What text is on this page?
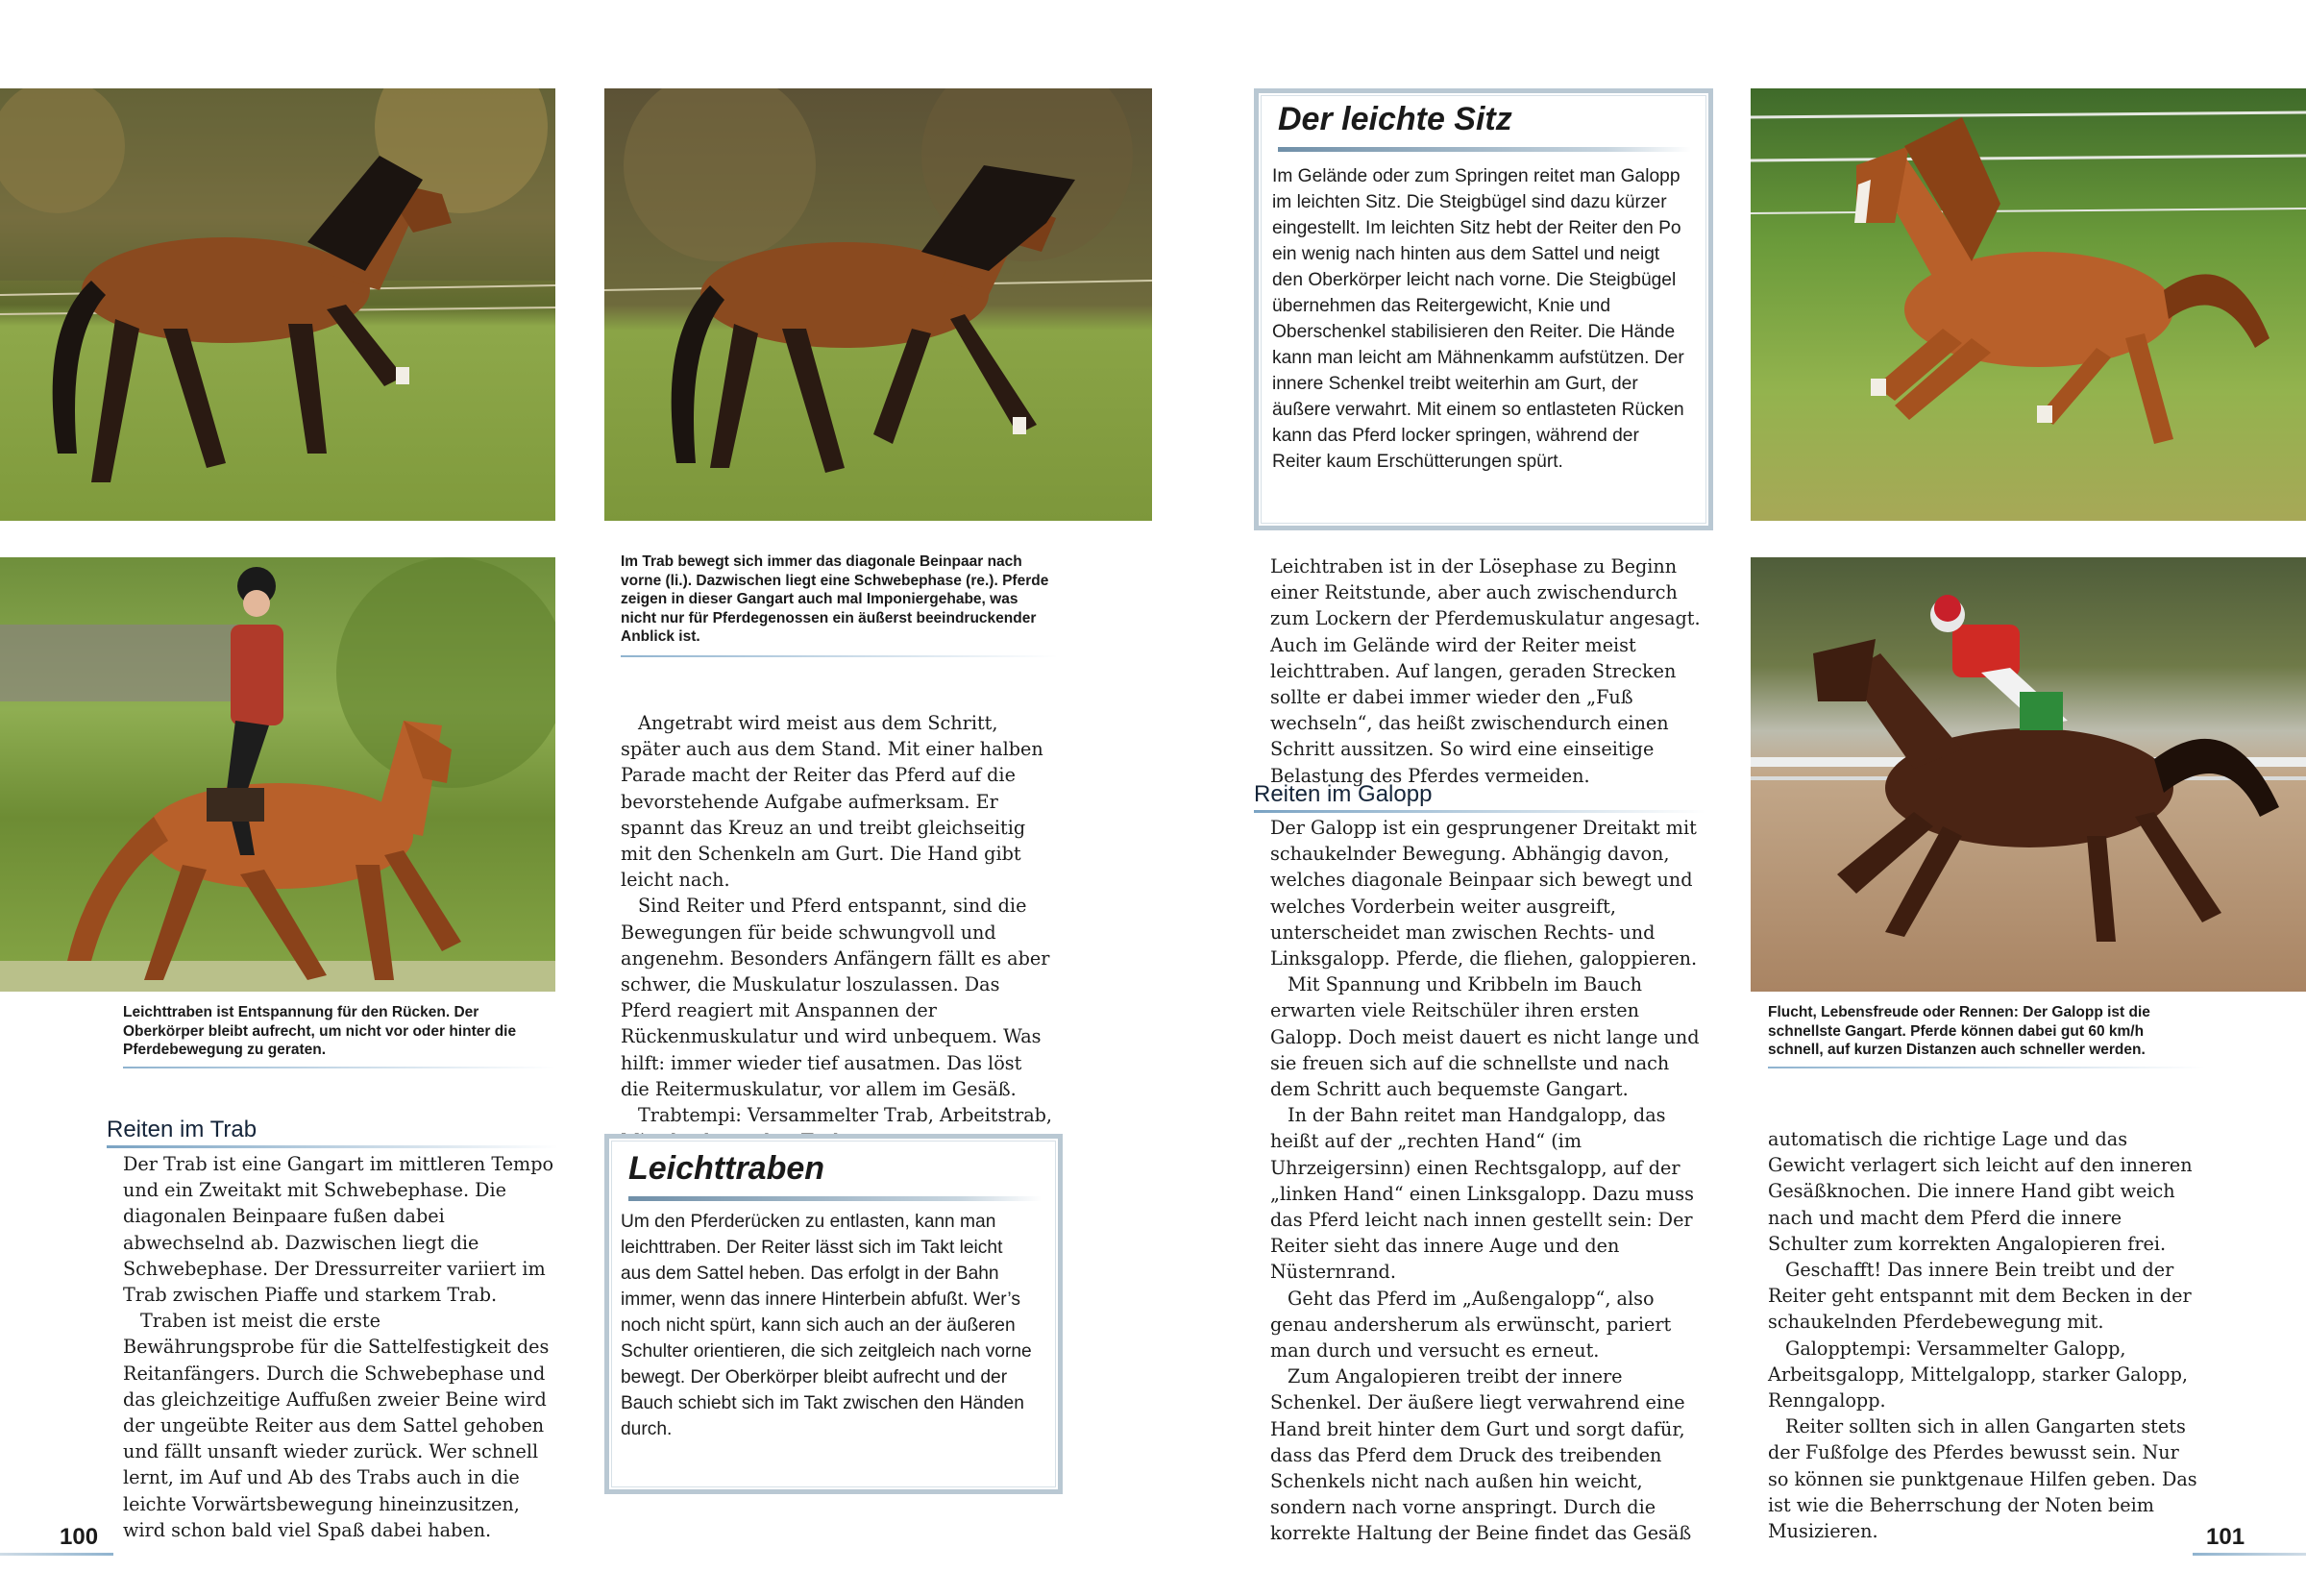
Im Trab bewegt sich immer das diagonale Beinpaar nach vorne (li.). Dazwischen liegt eine Schwebephase (re.). Pferde zeigen in dieser Gangart auch mal Imponiergehabe, was nicht nur für Pferdegenossen ein äußerst beeindruckender Anblick ist.
Leichttraben ist Entspannung für den Rücken. Der Oberkörper bleibt aufrecht, um nicht vor oder hinter die Pferdebewegung zu geraten.
Flucht, Lebensfreude oder Rennen: Der Galopp ist die schnellste Gangart. Pferde können dabei gut 60 km/h schnell, auf kurzen Distanzen auch schneller werden.
Reiten im Trab

Der Trab ist eine Gangart im mittleren Tempo und ein Zweitakt mit Schwebephase. Die diagonalen Beinpaare fußen dabei abwechselnd ab. Dazwischen liegt die Schwebephase. Der Dressurreiter variiert im Trab zwischen Piaffe und starkem Trab.

Traben ist meist die erste Bewährungsprobe für die Sattelfestigkeit des Reitanfängers. Durch die Schwebephase und das gleichzeitige Auffußen zweier Beine wird der ungeübte Reiter aus dem Sattel gehoben und fällt unsanft wieder zurück. Wer schnell lernt, im Auf und Ab des Trabs auch in die leichte Vorwärtsbewegung hineinzusitzen, wird schon bald viel Spaß dabei haben.

Angetrabt wird meist aus dem Schritt, später auch aus dem Stand. Mit einer halben Parade macht der Reiter das Pferd auf die bevorstehende Aufgabe aufmerksam. Er spannt das Kreuz an und treibt gleichseitig mit den Schenkeln am Gurt. Die Hand gibt leicht nach.

Sind Reiter und Pferd entspannt, sind die Bewegungen für beide schwungvoll und angenehm. Besonders Anfängern fällt es aber schwer, die Muskulatur loszulassen. Das Pferd reagiert mit Anspannen der Rückenmuskulatur und wird unbequem. Was hilft: immer wieder tief ausatmen. Das löst die Reitermuskulatur, vor allem im Gesäß.

Trabtempi: Versammelter Trab, Arbeitstrab,

Leichttraben
Um den Pferderücken zu entlasten, kann man leichttraben. Der Reiter lässt sich im Takt leicht aus dem Sattel heben. Das erfolgt in der Bahn immer, wenn das innere Hinterbein abfußt. Wer’s noch nicht spürt, kann sich auch an der äußeren Schulter orientieren, die sich zeitgleich nach vorne bewegt. Der Oberkörper bleibt aufrecht und der Bauch schiebt sich im Takt zwischen den Händen durch.
100
Der leichte Sitz
Im Gelände oder zum Springen reitet man Galopp im leichten Sitz. Die Steigbügel sind dazu kürzer eingestellt. Im leichten Sitz hebt der Reiter den Po ein wenig nach hinten aus dem Sattel und neigt den Oberkörper leicht nach vorne. Die Steigbügel übernehmen das Reitergewicht, Knie und Oberschenkel stabilisieren den Reiter. Die Hände kann man leicht am Mähnenkamm aufstützen. Der innere Schenkel treibt weiterhin am Gurt, der äußere verwahrt. Mit einem so entlasteten Rücken kann das Pferd locker springen, während der Reiter kaum Erschütterungen spürt.

Leichtraben ist in der Lösephase zu Beginn einer Reitstunde, aber auch zwischendurch zum Lockern der Pferdemuskulatur angesagt. Auch im Gelände wird der Reiter meist leichttraben. Auf langen, geraden Strecken sollte er dabei immer wieder den „Fuß wechseln“, das heißt zwischendurch einen Schritt aussitzen. So wird eine einseitige Belastung des Pferdes vermeiden.

Reiten im Galopp

Der Galopp ist ein gesprungener Dreitakt mit schaukelnder Bewegung. Abhängig davon, welches diagonale Beinpaar sich bewegt und welches Vorderbein weiter ausgreift, unterscheidet man zwischen Rechts- und Linksgalopp. Pferde, die fliehen, galoppieren.

Mit Spannung und Kribbeln im Bauch erwarten viele Reitschüler ihren ersten Galopp. Doch meist dauert es nicht lange und sie freuen sich auf die schnellste und nach dem Schritt auch bequemste Gangart.

In der Bahn reitet man Handgalopp, das heißt auf der „rechten Hand“ (im Uhrzeigersinn) einen Rechtsgalopp, auf der „linken Hand“ einen Linksgalopp. Dazu muss das Pferd leicht nach innen gestellt sein: Der Reiter sieht das innere Auge und den Nüsternrand.

Geht das Pferd im „Außengalopp“, also genau andersherum als erwünscht, pariert man durch und versucht es erneut.

Zum Angalopieren treibt der innere Schenkel. Der äußere liegt verwahrend eine Hand breit hinter dem Gurt und sorgt dafür, dass das Pferd dem Druck des treibenden Schenkels nicht nach außen hin weicht, sondern nach vorne anspringt. Durch die korrekte Haltung der Beine findet das Gesäß

automatisch die richtige Lage und das Gewicht verlagert sich leicht auf den inneren Gesäßknochen. Die innere Hand gibt weich nach und macht dem Pferd die innere Schulter zum korrekten Angalopieren frei.

Geschafft! Das innere Bein treibt und der Reiter geht entspannt mit dem Becken in der schaukelnden Pferdebewegung mit.

Galopptempi: Versammelter Galopp, Arbeitsgalopp, Mittelgalopp, starker Galopp, Renngalopp.

Reiter sollten sich in allen Gangarten stets der Fußfolge des Pferdes bewusst sein. Nur so können sie punktgenaue Hilfen geben. Das ist wie die Beherrschung der Noten beim Musizieren.	101
